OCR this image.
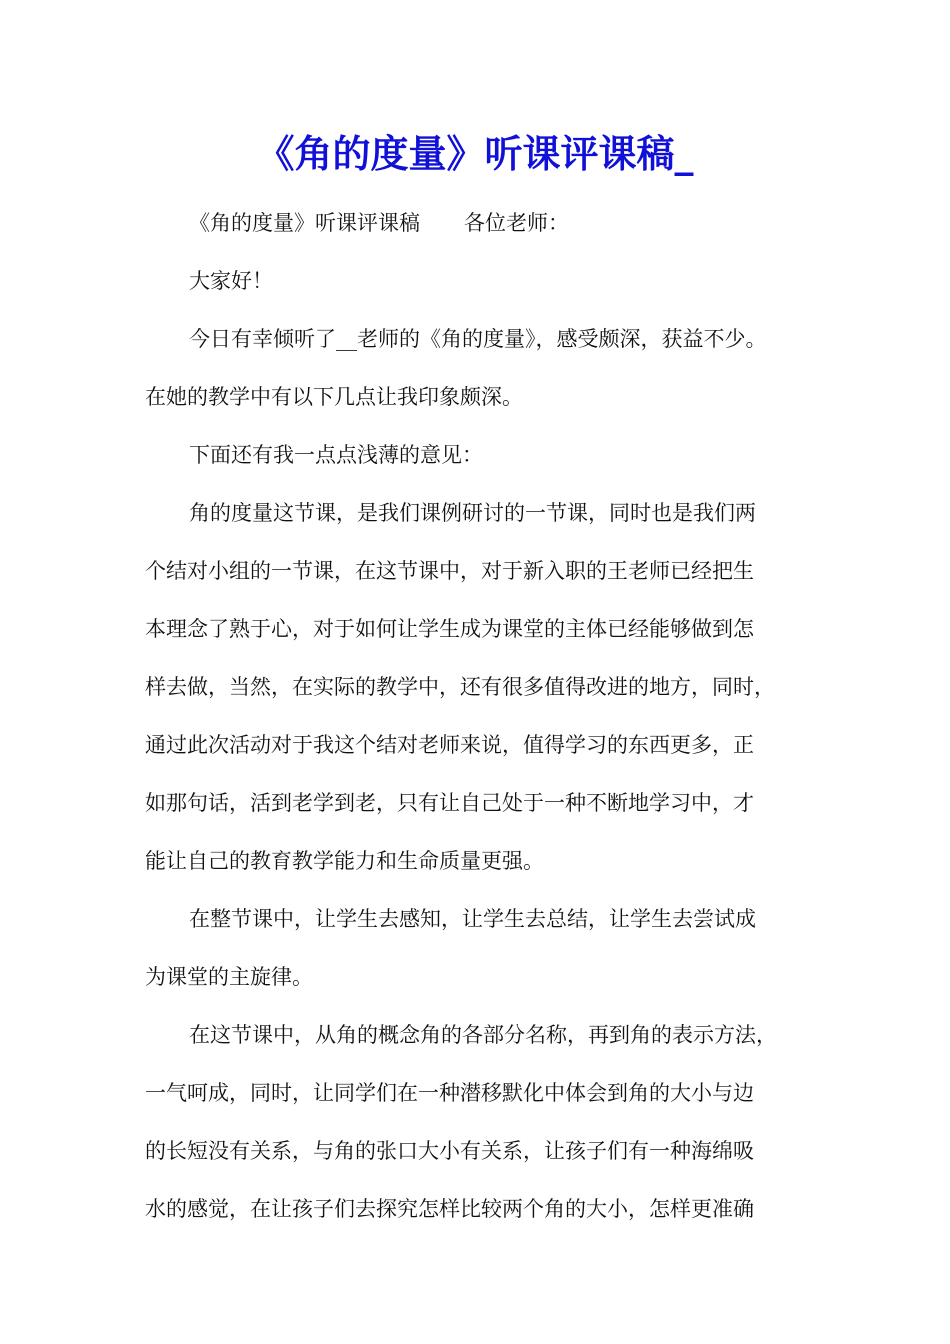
《角的度量》听课评课稿_
《角的度量》听课评课稿 各位老师：
大家好！
今日有幸倾听了__老师的《角的度量》，感受颇深，获益不少。
在她的教学中有以下几点让我印象颇深。
下面还有我一点点浅薄的意见：
角的度量这节课，是我们课例研讨的一节课，同时也是我们两
个结对小组的一节课，在这节课中，对于新入职的王老师已经把生
本理念了熟于心，对于如何让学生成为课堂的主体已经能够做到怎
样去做，当然，在实际的教学中，还有很多值得改进的地方，同时，
通过此次活动对于我这个结对老师来说，值得学习的东西更多，正
如那句话，活到老学到老，只有让自己处于一种不断地学习中，才
能让自己的教育教学能力和生命质量更强。
在整节课中，让学生去感知，让学生去总结，让学生去尝试成
为课堂的主旋律。
在这节课中，从角的概念角的各部分名称，再到角的表示方法，
一气呵成，同时，让同学们在一种潜移默化中体会到角的大小与边
的长短没有关系，与角的张口大小有关系，让孩子们有一种海绵吸
水的感觉，在让孩子们去探究怎样比较两个角的大小，怎样更准确
